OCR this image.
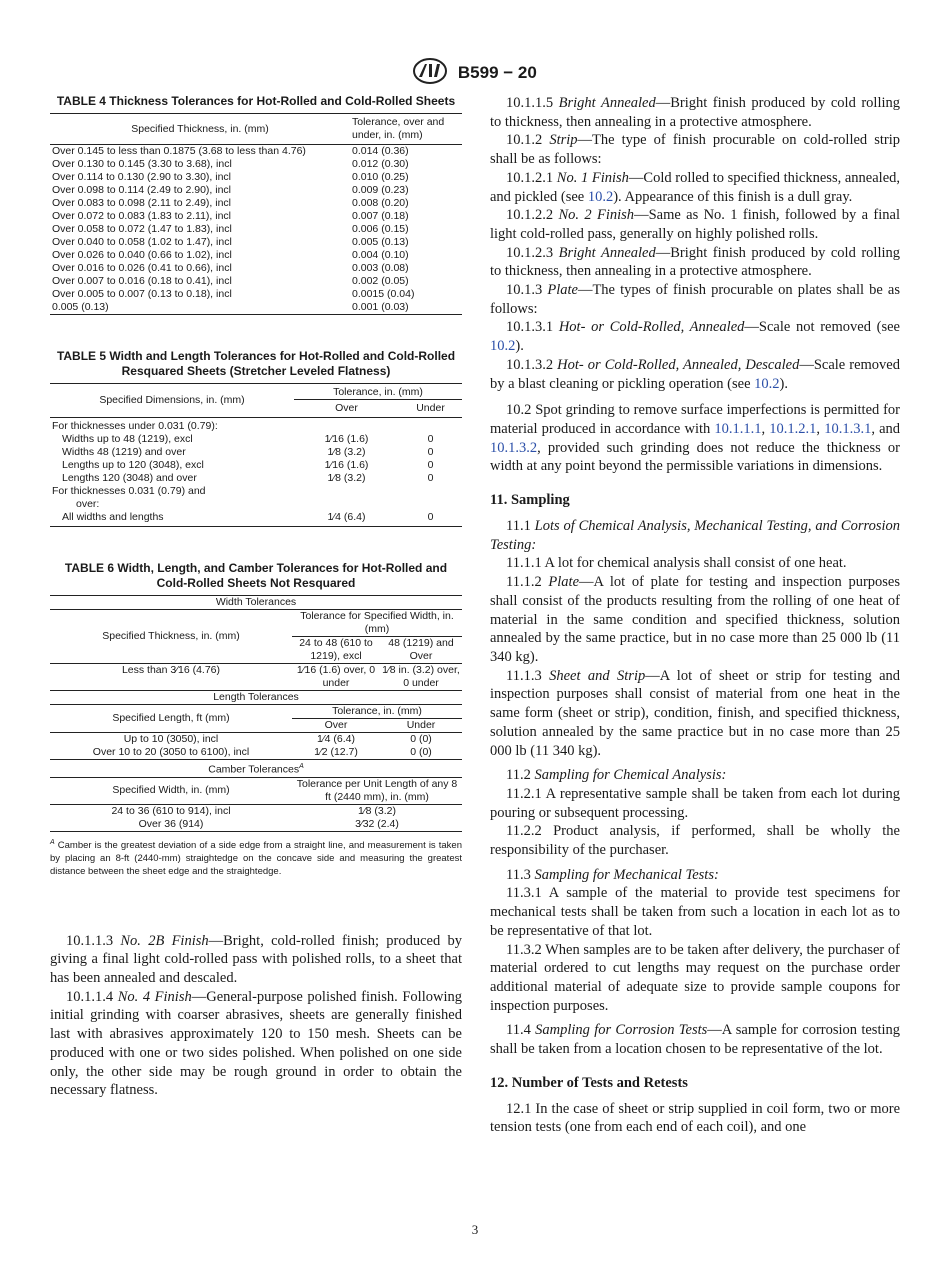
B599 − 20
TABLE 4 Thickness Tolerances for Hot-Rolled and Cold-Rolled Sheets
Specified Thickness, in. (mm)	Tolerance, over and under, in. (mm)
Over 0.145 to less than 0.1875 (3.68 to less than 4.76)	0.014 (0.36)
Over 0.130 to 0.145 (3.30 to 3.68), incl	0.012 (0.30)
Over 0.114 to 0.130 (2.90 to 3.30), incl	0.010 (0.25)
Over 0.098 to 0.114 (2.49 to 2.90), incl	0.009 (0.23)
Over 0.083 to 0.098 (2.11 to 2.49), incl	0.008 (0.20)
Over 0.072 to 0.083 (1.83 to 2.11), incl	0.007 (0.18)
Over 0.058 to 0.072 (1.47 to 1.83), incl	0.006 (0.15)
Over 0.040 to 0.058 (1.02 to 1.47), incl	0.005 (0.13)
Over 0.026 to 0.040 (0.66 to 1.02), incl	0.004 (0.10)
Over 0.016 to 0.026 (0.41 to 0.66), incl	0.003 (0.08)
Over 0.007 to 0.016 (0.18 to 0.41), incl	0.002 (0.05)
Over 0.005 to 0.007 (0.13 to 0.18), incl	0.0015 (0.04)
0.005 (0.13)	0.001 (0.03)
TABLE 5 Width and Length Tolerances for Hot-Rolled and Cold-Rolled Resquared Sheets (Stretcher Leveled Flatness)
Specified Dimensions, in. (mm)	Tolerance, in. (mm)	
	Over	Under
For thicknesses under 0.031 (0.79):		
Widths up to 48 (1219), excl	1⁄16 (1.6)	0
Widths 48 (1219) and over	1⁄8 (3.2)	0
Lengths up to 120 (3048), excl	1⁄16 (1.6)	0
Lengths 120 (3048) and over	1⁄8 (3.2)	0
For thicknesses 0.031 (0.79) and		
over:		
All widths and lengths	1⁄4 (6.4)	0
TABLE 6 Width, Length, and Camber Tolerances for Hot-Rolled and Cold-Rolled Sheets Not Resquared
Width Tolerances		
Specified Thickness, in. (mm)	Tolerance for Specified Width, in. (mm)	
	24 to 48 (610 to 1219), excl	48 (1219) and Over
Less than 3⁄16 (4.76)	1⁄16 (1.6) over, 0 under	1⁄8 in. (3.2) over, 0 under
Length Tolerances		
Specified Length, ft (mm)	Tolerance, in. (mm)	
	Over	Under
Up to 10 (3050), incl	1⁄4 (6.4)	0 (0)
Over 10 to 20 (3050 to 6100), incl	1⁄2 (12.7)	0 (0)
Camber Tolerances$^A$
Specified Width, in. (mm)	Tolerance per Unit Length of any 8 ft (2440 mm), in. (mm)	
24 to 36 (610 to 914), incl	1⁄8 (3.2)	
Over 36 (914)	3⁄32 (2.4)	
$^A$ Camber is the greatest deviation of a side edge from a straight line, and measurement is taken by placing an 8-ft (2440-mm) straightedge on the concave side and measuring the greatest distance between the sheet edge and the straightedge.

10.1.1.3 No. 2B Finish—Bright, cold-rolled finish; produced by giving a final light cold-rolled pass with polished rolls, to a sheet that has been annealed and descaled.

10.1.1.4 No. 4 Finish—General-purpose polished finish. Following initial grinding with coarser abrasives, sheets are generally finished last with abrasives approximately 120 to 150 mesh. Sheets can be produced with one or two sides polished. When polished on one side only, the other side may be rough ground in order to obtain the necessary flatness.

10.1.1.5 Bright Annealed—Bright finish produced by cold rolling to thickness, then annealing in a protective atmosphere.

10.1.2 Strip—The type of finish procurable on cold-rolled strip shall be as follows:

10.1.2.1 No. 1 Finish—Cold rolled to specified thickness, annealed, and pickled (see 10.2). Appearance of this finish is a dull gray.

10.1.2.2 No. 2 Finish—Same as No. 1 finish, followed by a final light cold-rolled pass, generally on highly polished rolls.

10.1.2.3 Bright Annealed—Bright finish produced by cold rolling to thickness, then annealing in a protective atmosphere.

10.1.3 Plate—The types of finish procurable on plates shall be as follows:

10.1.3.1 Hot- or Cold-Rolled, Annealed—Scale not removed (see 10.2).

10.1.3.2 Hot- or Cold-Rolled, Annealed, Descaled—Scale removed by a blast cleaning or pickling operation (see 10.2).

10.2 Spot grinding to remove surface imperfections is permitted for material produced in accordance with 10.1.1.1, 10.1.2.1, 10.1.3.1, and 10.1.3.2, provided such grinding does not reduce the thickness or width at any point beyond the permissible variations in dimensions.

11. Sampling

11.1 Lots of Chemical Analysis, Mechanical Testing, and Corrosion Testing:

11.1.1 A lot for chemical analysis shall consist of one heat.

11.1.2 Plate—A lot of plate for testing and inspection purposes shall consist of the products resulting from the rolling of one heat of material in the same condition and specified thickness, solution annealed by the same practice, but in no case more than 25 000 lb (11 340 kg).

11.1.3 Sheet and Strip—A lot of sheet or strip for testing and inspection purposes shall consist of material from one heat in the same form (sheet or strip), condition, finish, and specified thickness, solution annealed by the same practice but in no case more than 25 000 lb (11 340 kg).

11.2 Sampling for Chemical Analysis:

11.2.1 A representative sample shall be taken from each lot during pouring or subsequent processing.

11.2.2 Product analysis, if performed, shall be wholly the responsibility of the purchaser.

11.3 Sampling for Mechanical Tests:

11.3.1 A sample of the material to provide test specimens for mechanical tests shall be taken from such a location in each lot as to be representative of that lot.

11.3.2 When samples are to be taken after delivery, the purchaser of material ordered to cut lengths may request on the purchase order additional material of adequate size to provide sample coupons for inspection purposes.

11.4 Sampling for Corrosion Tests—A sample for corrosion testing shall be taken from a location chosen to be representative of the lot.

12. Number of Tests and Retests

12.1 In the case of sheet or strip supplied in coil form, two or more tension tests (one from each end of each coil), and one

3
